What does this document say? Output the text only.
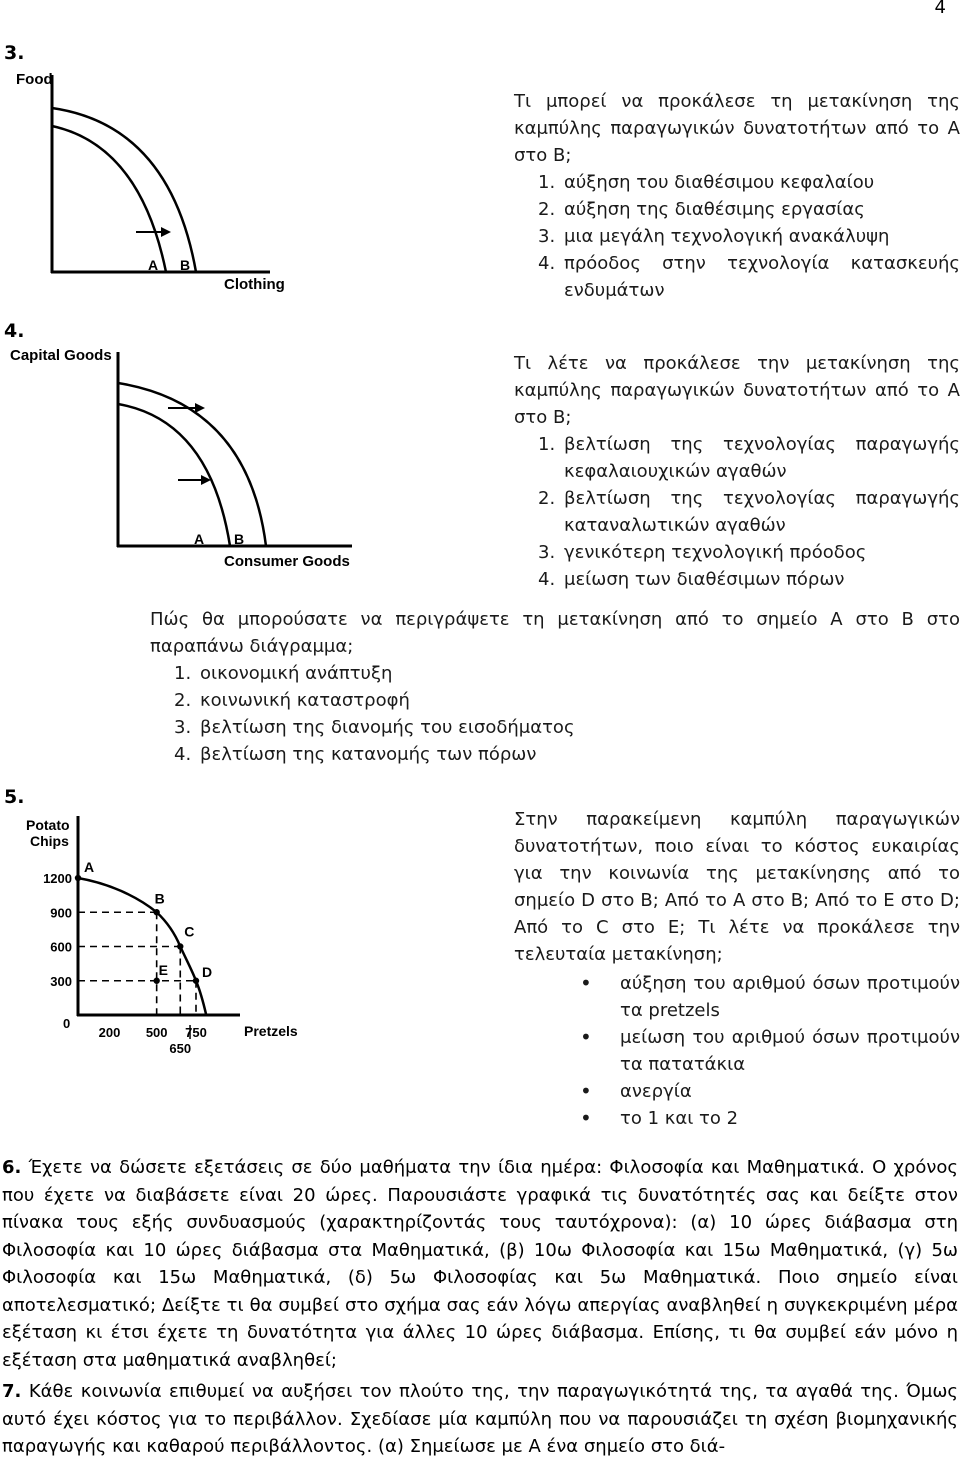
4
3.
Food
A B
Clothing
Τι μπορεί να προκάλεσε τη μετακίνηση της καμπύλης παραγωγικών δυνατοτήτων από το Α στο Β;
1. αύξηση του διαθέσιμου κεφαλαίου
2. αύξηση της διαθέσιμης εργασίας
3. μια μεγάλη τεχνολογική ανακάλυψη
4. πρόοδος στην τεχνολογία κατασκευής ενδυμάτων
4.
Capital Goods
A B
Consumer Goods
Τι λέτε να προκάλεσε την μετακίνηση της καμπύλης παραγωγικών δυνατοτήτων από το Α στο Β;
1. βελτίωση της τεχνολογίας παραγωγής κεφαλαιουχικών αγαθών
2. βελτίωση της τεχνολογίας παραγωγής καταναλωτικών αγαθών
3. γενικότερη τεχνολογική πρόοδος
4. μείωση των διαθέσιμων πόρων
Πώς θα μπορούσατε να περιγράψετε τη μετακίνηση από το σημείο Α στο Β στο παραπάνω διάγραμμα;
1. οικονομική ανάπτυξη
2. κοινωνική καταστροφή
3. βελτίωση της διανομής του εισοδήματος
4. βελτίωση της κατανομής των πόρων
5.
Potato
Chips
0	Pretzels
A
B
C
D
E
1200
900
600
300
200 500 750
650
Στην παρακείμενη καμπύλη παραγωγικών δυνατοτήτων, ποιο είναι το κόστος ευκαιρίας για την κοινωνία της μετακίνησης από το σημείο D στο Β; Από το Α στο Β; Από το Ε στο D; Από το C στο Ε; Τι λέτε να προκάλεσε την τελευταία μετακίνηση;
•	αύξηση του αριθμού όσων προτιμούν τα pretzels
•	μείωση του αριθμού όσων προτιμούν τα πατατάκια
•	ανεργία
•	το 1 και το 2
6. Έχετε να δώσετε εξετάσεις σε δύο μαθήματα την ίδια ημέρα: Φιλοσοφία και Μαθηματικά. Ο χρόνος που έχετε να διαβάσετε είναι 20 ώρες. Παρουσιάστε γραφικά τις δυνατότητές σας και δείξτε στον πίνακα τους εξής συνδυασμούς (χαρακτηρίζοντάς τους ταυτόχρονα): (α) 10 ώρες διάβασμα στη Φιλοσοφία και 10 ώρες διάβασμα στα Μαθηματικά, (β) 10ω Φιλοσοφία και 15ω Μαθηματικά, (γ) 5ω Φιλοσοφία και 15ω Μαθηματικά, (δ) 5ω Φιλοσοφίας και 5ω Μαθηματικά. Ποιο σημείο είναι αποτελεσματικό; Δείξτε τι θα συμβεί στο σχήμα σας εάν λόγω απεργίας αναβληθεί η συγκεκριμένη μέρα εξέταση κι έτσι έχετε τη δυνατότητα για άλλες 10 ώρες διάβασμα. Επίσης, τι θα συμβεί εάν μόνο η εξέταση στα μαθηματικά αναβληθεί;
7. Κάθε κοινωνία επιθυμεί να αυξήσει τον πλούτο της, την παραγωγικότητά της, τα αγαθά της. Όμως αυτό έχει κόστος για το περιβάλλον. Σχεδίασε μία καμπύλη που να παρουσιάζει τη σχέση βιομηχανικής παραγωγής και καθαρού περιβάλλοντος. (α) Σημείωσε με Α ένα σημείο στο διά-
